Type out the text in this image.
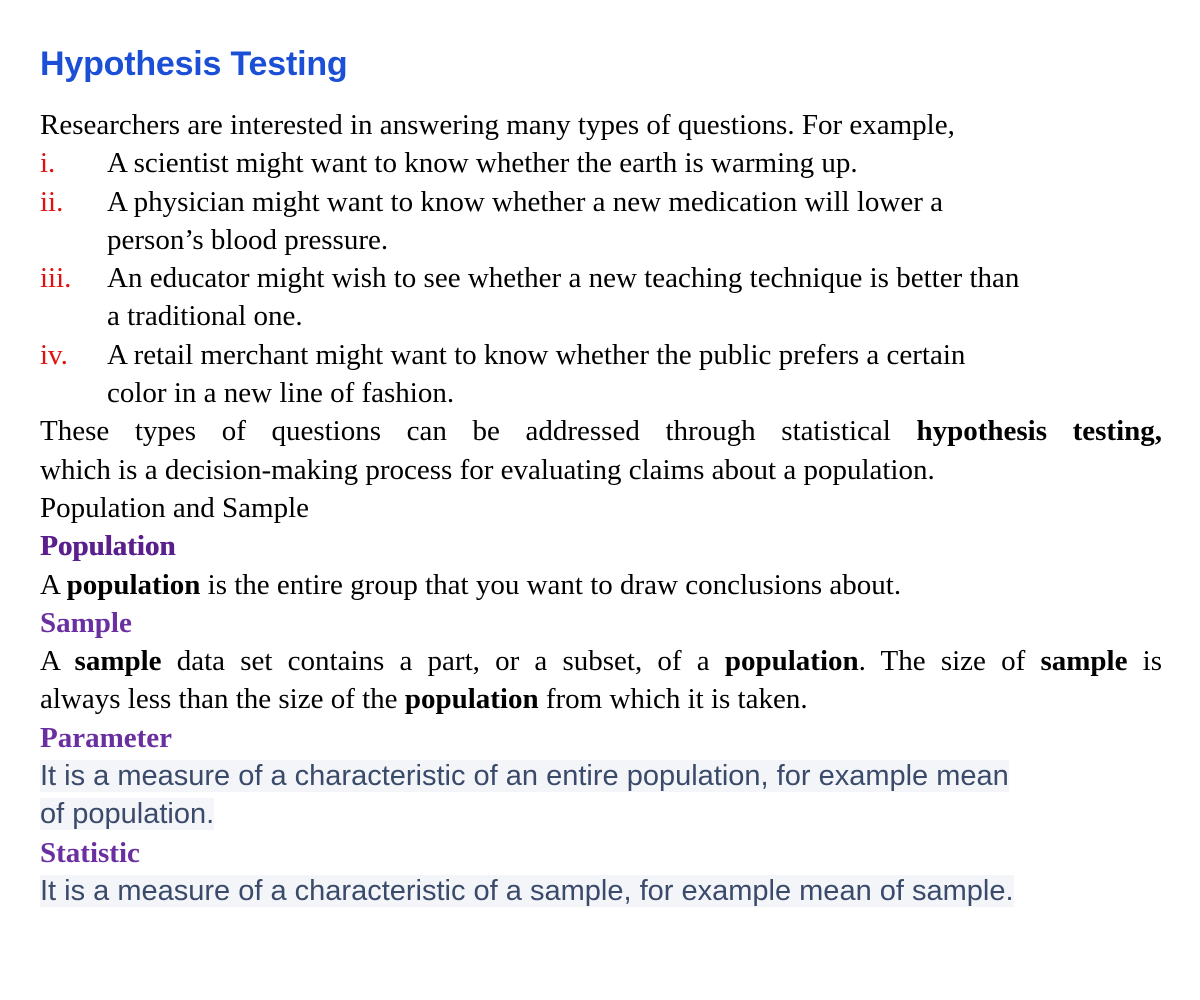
Hypothesis Testing
Researchers are interested in answering many types of questions. For example,
i.	A scientist might want to know whether the earth is warming up.
ii.	A physician might want to know whether a new medication will lower a
person’s blood pressure.
iii.	An educator might wish to see whether a new teaching technique is better than
a traditional one.
iv.	A retail merchant might want to know whether the public prefers a certain
color in a new line of fashion.
These types of questions can be addressed through statistical hypothesis testing,
which is a decision-making process for evaluating claims about a population.
Population and Sample
Population
A population is the entire group that you want to draw conclusions about.
Sample
A sample data set contains a part, or a subset, of a population. The size of sample is
always less than the size of the population from which it is taken.
Parameter
It is a measure of a characteristic of an entire population, for example mean
of population.
Statistic
It is a measure of a characteristic of a sample, for example mean of sample.
